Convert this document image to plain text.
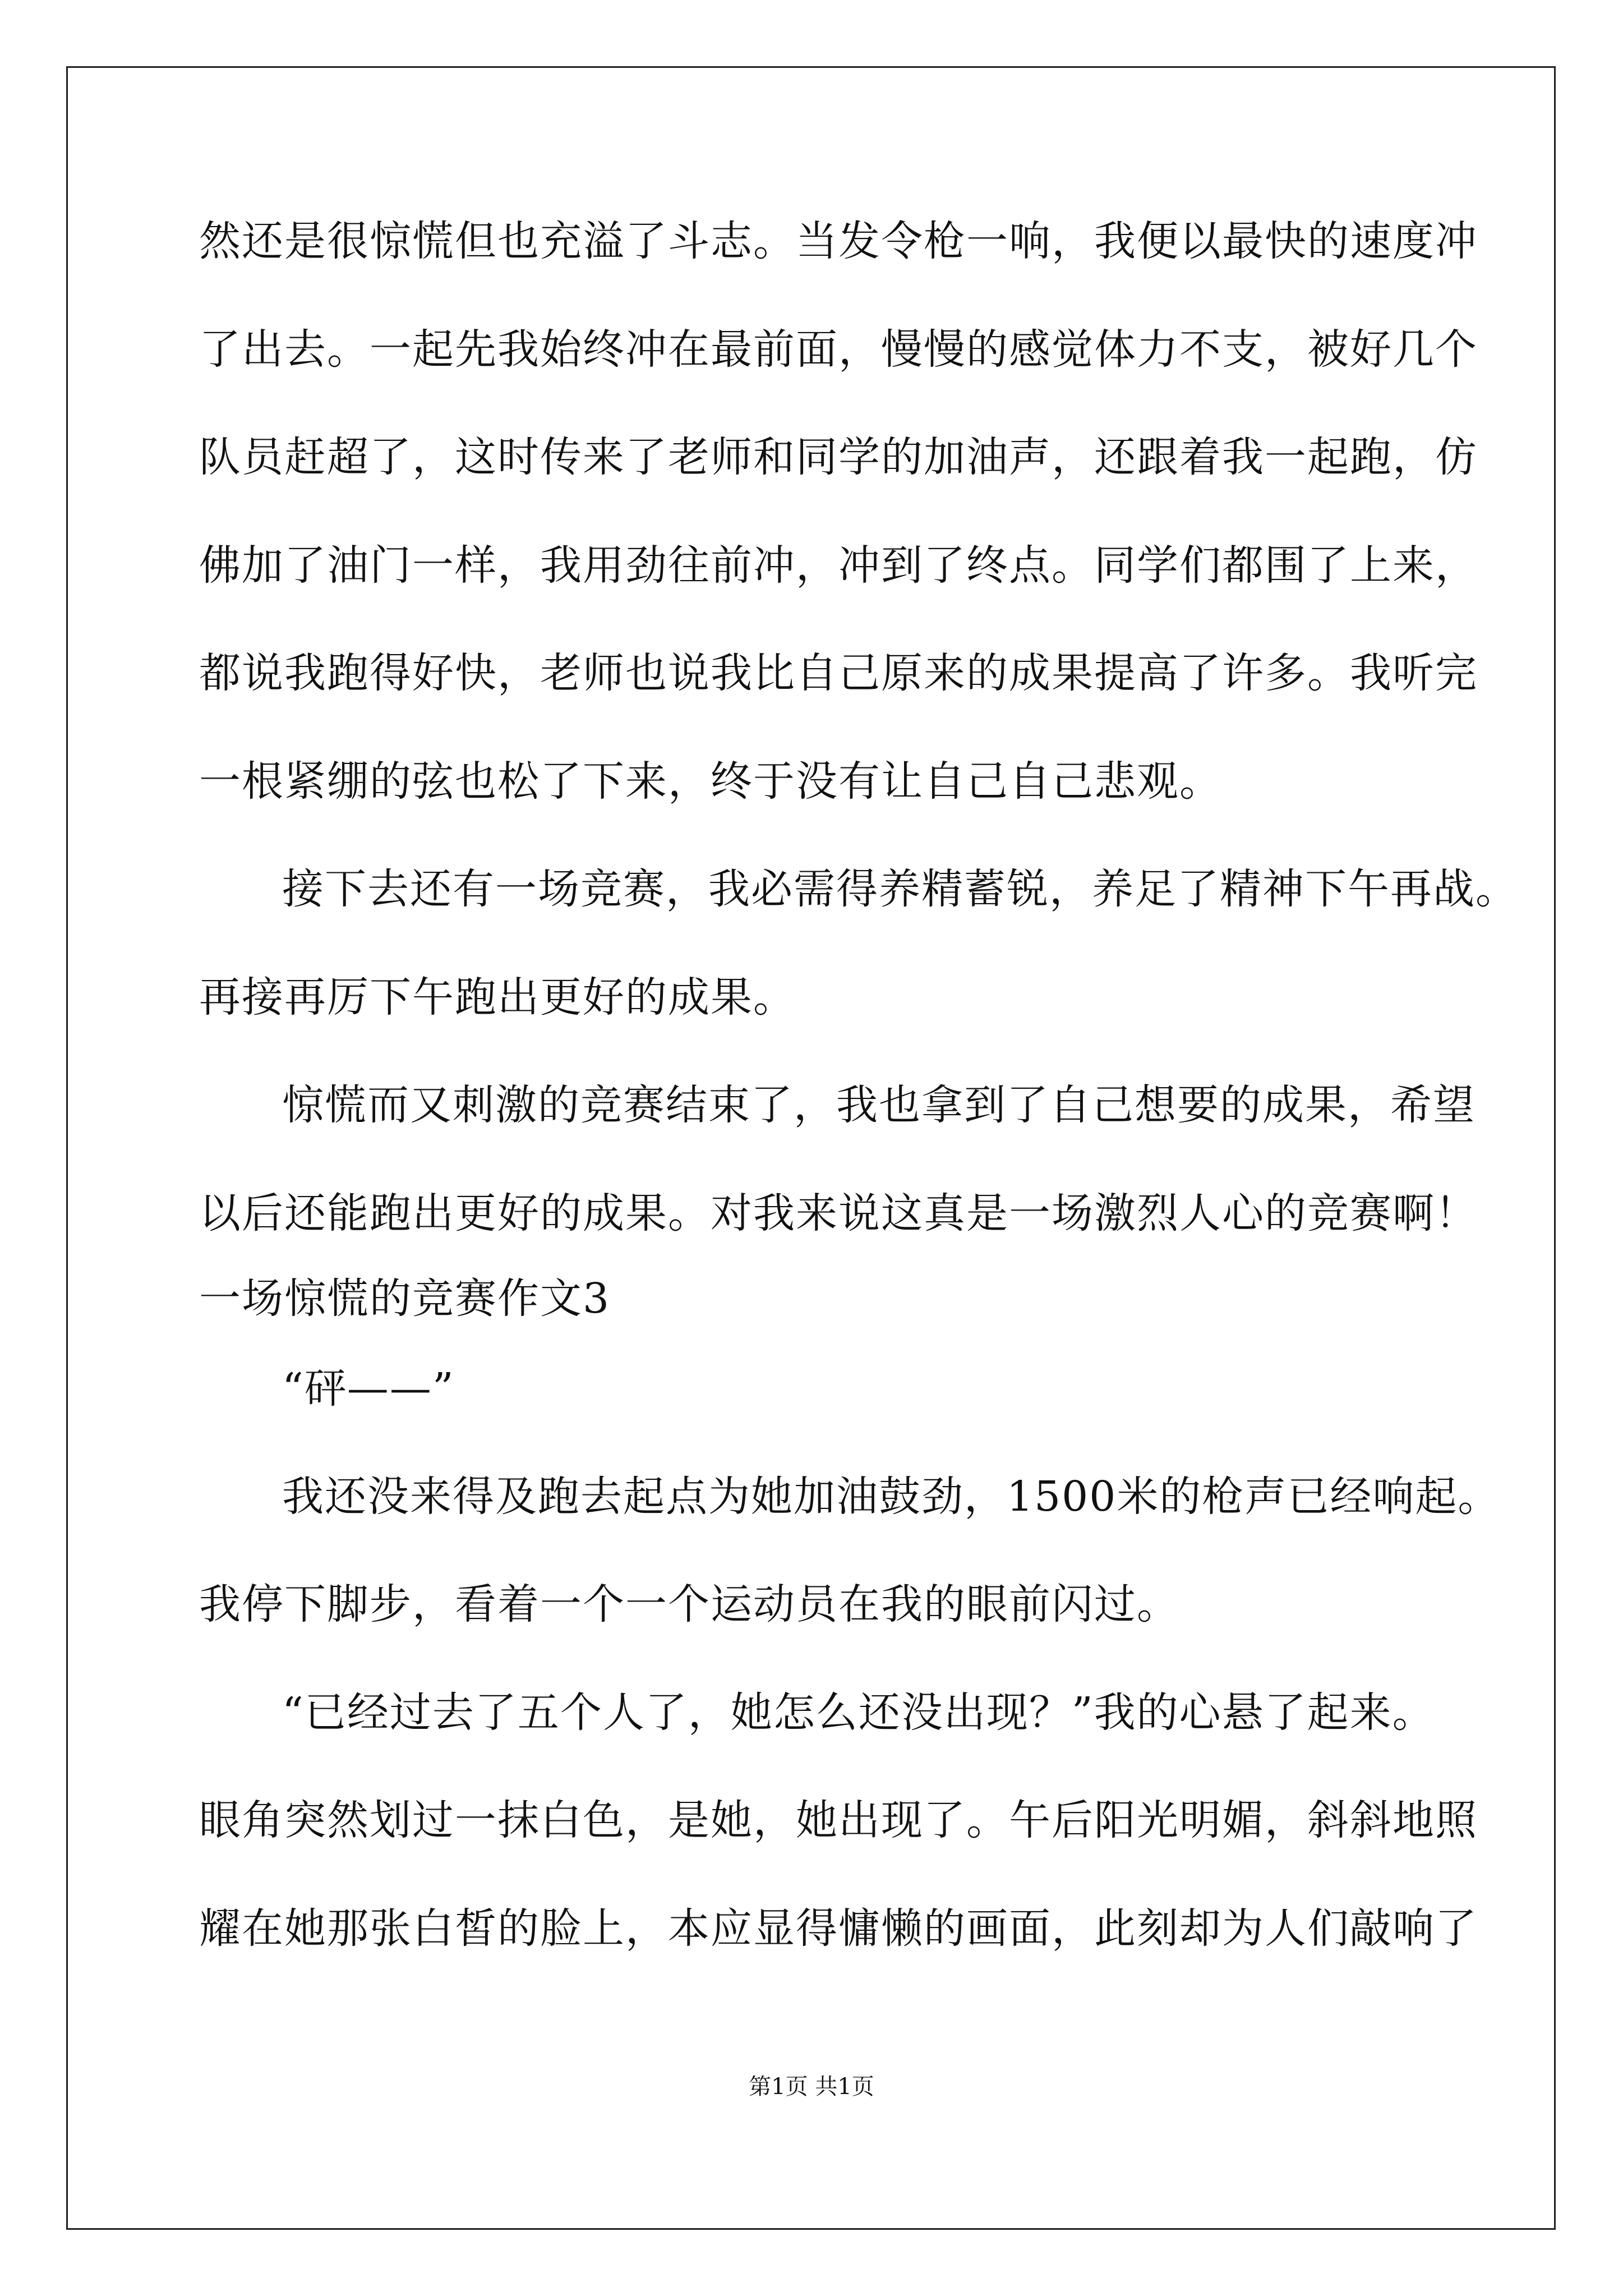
然还是很惊慌但也充溢了斗志。当发令枪一响，我便以最快的速度冲
了出去。一起先我始终冲在最前面，慢慢的感觉体力不支，被好几个
队员赶超了，这时传来了老师和同学的加油声，还跟着我一起跑，仿
佛加了油门一样，我用劲往前冲，冲到了终点。同学们都围了上来，
都说我跑得好快，老师也说我比自己原来的成果提高了许多。我听完
一根紧绷的弦也松了下来，终于没有让自己自己悲观。
接下去还有一场竞赛，我必需得养精蓄锐，养足了精神下午再战。
再接再厉下午跑出更好的成果。
惊慌而又刺激的竞赛结束了，我也拿到了自己想要的成果，希望
以后还能跑出更好的成果。对我来说这真是一场激烈人心的竞赛啊！
一场惊慌的竞赛作文3
“砰——”
我还没来得及跑去起点为她加油鼓劲，1500米的枪声已经响起。
我停下脚步，看着一个一个运动员在我的眼前闪过。
“已经过去了五个人了，她怎么还没出现？”我的心悬了起来。
眼角突然划过一抹白色，是她，她出现了。午后阳光明媚，斜斜地照
耀在她那张白皙的脸上，本应显得慵懒的画面，此刻却为人们敲响了
第1页 共1页
